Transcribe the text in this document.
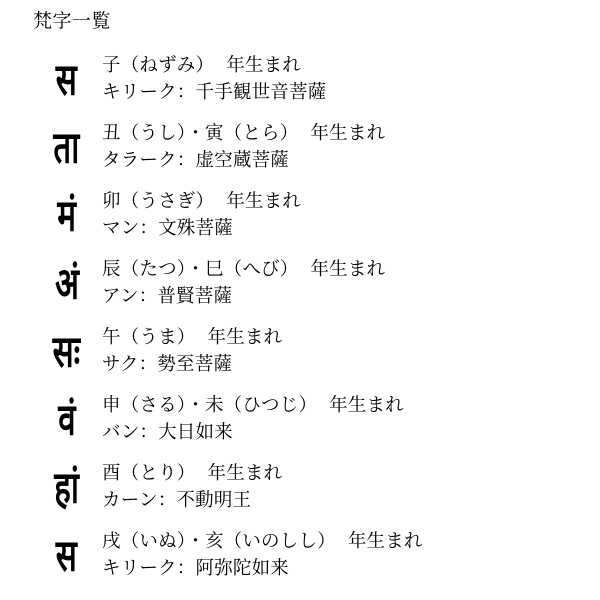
梵字一覧
स 子（ねずみ） 年生まれ
キリーク：千手観世音菩薩
ता 丑（うし）・寅（とら） 年生まれ
タラーク：虚空蔵菩薩
मं 卯（うさぎ） 年生まれ
マン：文殊菩薩
अं 辰（たつ）・巳（へび） 年生まれ
アン：普賢菩薩
सः 午（うま） 年生まれ
サク：勢至菩薩
वं 申（さる）・未（ひつじ） 年生まれ
バン：大日如来
हां 酉（とり） 年生まれ
カーン：不動明王
स 戌（いぬ）・亥（いのしし） 年生まれ
キリーク：阿弥陀如来
